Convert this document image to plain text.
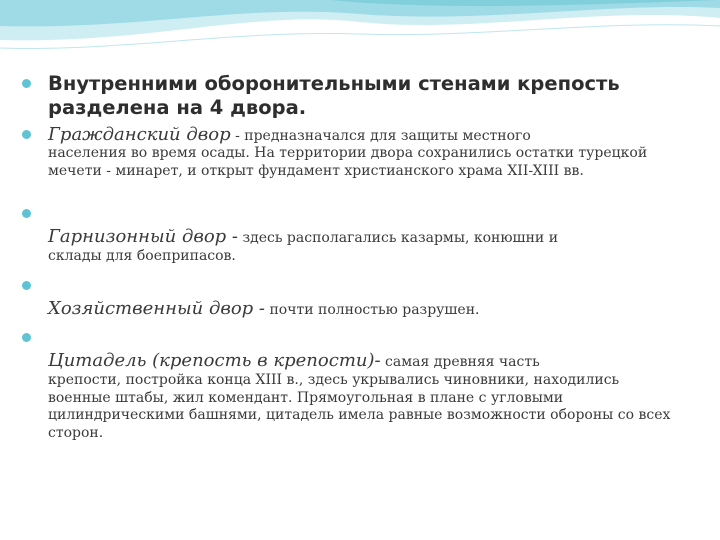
Внутренними оборонительными стенами крепость разделена на 4 двора.

Гражданский двор - предназначался для защиты местного
населения во время осады. На территории двора сохранились остатки турецкой мечети - минарет, и открыт фундамент христианского храма XII-XIII вв.
Гарнизонный двор - здесь располагались казармы, конюшни и
склады для боеприпасов.
Хозяйственный двор - почти полностью разрушен.
Цитадель (крепость в крепости)- самая древняя часть
крепости, постройка конца XIII в., здесь укрывались чиновники, находились военные штабы, жил комендант. Прямоугольная в плане с угловыми цилиндрическими башнями, цитадель имела равные возможности обороны со всех сторон.
